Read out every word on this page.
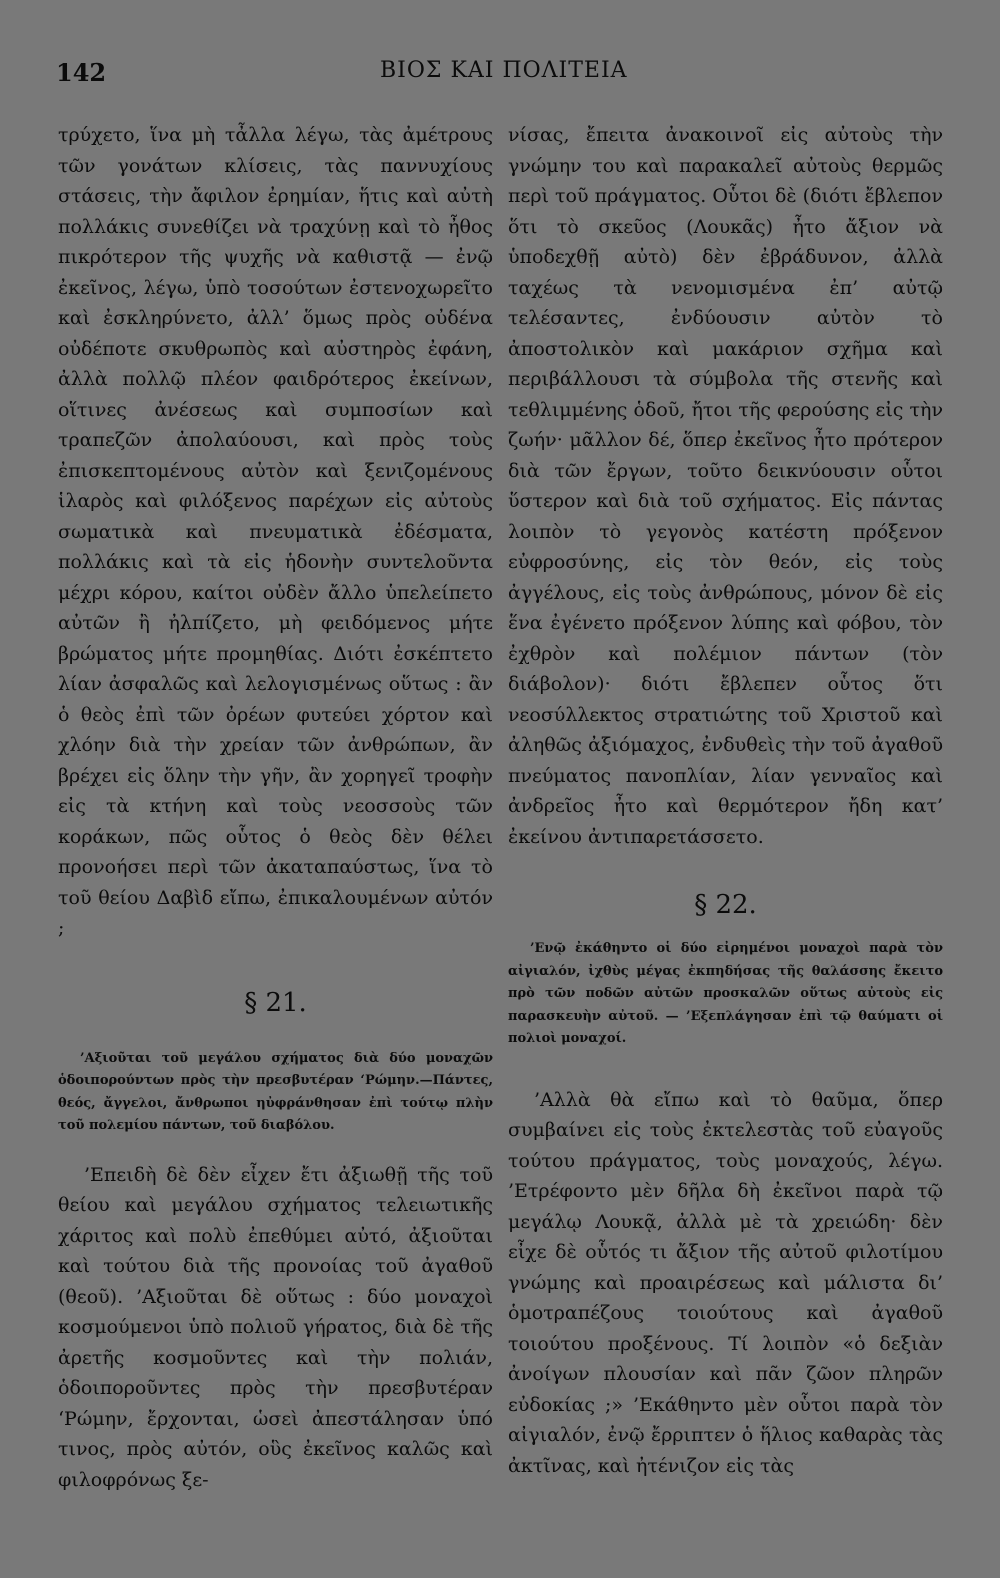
142	ΒΙΟΣ ΚΑΙ ΠΟΛΙΤΕΙΑ

τρύχετο, ἵνα μὴ τἆλλα λέγω, τὰς ἀμέτρους τῶν γονάτων κλίσεις, τὰς παννυχίους στάσεις, τὴν ἄφιλον ἐρημίαν, ἥτις καὶ αὐτὴ πολλάκις συνεθίζει νὰ τραχύνῃ καὶ τὸ ἦθος πικρότερον τῆς ψυχῆς νὰ καθιστᾷ — ἐνῷ ἐκεῖνος, λέγω, ὑπὸ τοσούτων ἐστενοχωρεῖτο καὶ ἐσκληρύνετο, ἀλλ’ ὅμως πρὸς οὐδένα οὐδέποτε σκυθρωπὸς καὶ αὐστηρὸς ἐφάνη, ἀλλὰ πολλῷ πλέον φαιδρότερος ἐκείνων, οἵτινες ἀνέσεως καὶ συμποσίων καὶ τραπεζῶν ἀπολαύουσι, καὶ πρὸς τοὺς ἐπισκεπτομένους αὐτὸν καὶ ξενιζομένους ἱλαρὸς καὶ φιλόξενος παρέχων εἰς αὐτοὺς σωματικὰ καὶ πνευματικὰ ἐδέσματα, πολλάκις καὶ τὰ εἰς ἡδονὴν συντελοῦντα μέχρι κόρου, καίτοι οὐδὲν ἄλλο ὑπελείπετο αὐτῶν ἢ ἠλπίζετο, μὴ φειδόμενος μήτε βρώματος μήτε προμηθίας. Διότι ἐσκέπτετο λίαν ἀσφαλῶς καὶ λελογισμένως οὕτως : ἂν ὁ θεὸς ἐπὶ τῶν ὀρέων φυτεύει χόρτον καὶ χλόην διὰ τὴν χρείαν τῶν ἀνθρώπων, ἂν βρέχει εἰς ὅλην τὴν γῆν, ἂν χορηγεῖ τροφὴν εἰς τὰ κτήνη καὶ τοὺς νεοσσοὺς τῶν κοράκων, πῶς οὗτος ὁ θεὸς δὲν θέλει προνοήσει περὶ τῶν ἀκαταπαύστως, ἵνα τὸ τοῦ θείου Δαβὶδ εἴπω, ἐπικαλουμένων αὐτόν ;

§ 21.

’Αξιοῦται τοῦ μεγάλου σχήματος διὰ δύο μοναχῶν ὁδοιπορούντων πρὸς τὴν πρεσβυτέραν ‘Ρώμην.—Πάντες, θεός, ἄγγελοι, ἄνθρωποι ηὐφράνθησαν ἐπὶ τούτῳ πλὴν τοῦ πολεμίου πάντων, τοῦ διαβόλου.

’Επειδὴ δὲ δὲν εἶχεν ἔτι ἀξιωθῇ τῆς τοῦ θείου καὶ μεγάλου σχήματος τελειωτικῆς χάριτος καὶ πολὺ ἐπεθύμει αὐτό, ἀξιοῦται καὶ τούτου διὰ τῆς προνοίας τοῦ ἀγαθοῦ (θεοῦ). ’Αξιοῦται δὲ οὕτως : δύο μοναχοὶ κοσμούμενοι ὑπὸ πολιοῦ γήρατος, διὰ δὲ τῆς ἀρετῆς κοσμοῦντες καὶ τὴν πολιάν, ὁδοιποροῦντες πρὸς τὴν πρεσβυτέραν ‘Ρώμην, ἔρχονται, ὡσεὶ ἀπεστάλησαν ὑπό τινος, πρὸς αὐτόν, οὓς ἐκεῖνος καλῶς καὶ φιλοφρόνως ξε-

νίσας, ἔπειτα ἀνακοινοῖ εἰς αὐτοὺς τὴν γνώμην του καὶ παρακαλεῖ αὐτοὺς θερμῶς περὶ τοῦ πράγματος. Οὗτοι δὲ (διότι ἔβλεπον ὅτι τὸ σκεῦος (Λουκᾶς) ἦτο ἄξιον νὰ ὑποδεχθῇ αὐτὸ) δὲν ἐβράδυνον, ἀλλὰ ταχέως τὰ νενομισμένα ἐπ’ αὐτῷ τελέσαντες, ἐνδύουσιν αὐτὸν τὸ ἀποστολικὸν καὶ μακάριον σχῆμα καὶ περιβάλλουσι τὰ σύμβολα τῆς στενῆς καὶ τεθλιμμένης ὁδοῦ, ἤτοι τῆς φερούσης εἰς τὴν ζωήν· μᾶλλον δέ, ὅπερ ἐκεῖνος ἦτο πρότερον διὰ τῶν ἔργων, τοῦτο δεικνύουσιν οὗτοι ὕστερον καὶ διὰ τοῦ σχήματος. Εἰς πάντας λοιπὸν τὸ γεγονὸς κατέστη πρόξενον εὐφροσύνης, εἰς τὸν θεόν, εἰς τοὺς ἀγγέλους, εἰς τοὺς ἀνθρώπους, μόνον δὲ εἰς ἕνα ἐγένετο πρόξενον λύπης καὶ φόβου, τὸν ἐχθρὸν καὶ πολέμιον πάντων (τὸν διάβολον)· διότι ἔβλεπεν οὗτος ὅτι νεοσύλλεκτος στρατιώτης τοῦ Χριστοῦ καὶ ἀληθῶς ἀξιόμαχος, ἐνδυθεὶς τὴν τοῦ ἀγαθοῦ πνεύματος πανοπλίαν, λίαν γενναῖος καὶ ἀνδρεῖος ἦτο καὶ θερμότερον ἤδη κατ’ ἐκείνου ἀντιπαρετάσσετο.

§ 22.

’Ενῷ ἐκάθηντο οἱ δύο εἰρημένοι μοναχοὶ παρὰ τὸν αἰγιαλόν, ἰχθὺς μέγας ἐκπηδήσας τῆς θαλάσσης ἔκειτο πρὸ τῶν ποδῶν αὐτῶν προσκαλῶν οὕτως αὐτοὺς εἰς παρασκευὴν αὐτοῦ. — ’Εξεπλάγησαν ἐπὶ τῷ θαύματι οἱ πολιοὶ μοναχοί.

’Αλλὰ θὰ εἴπω καὶ τὸ θαῦμα, ὅπερ συμβαίνει εἰς τοὺς ἐκτελεστὰς τοῦ εὐαγοῦς τούτου πράγματος, τοὺς μοναχούς, λέγω. ’Ετρέφοντο μὲν δῆλα δὴ ἐκεῖνοι παρὰ τῷ μεγάλῳ Λουκᾷ, ἀλλὰ μὲ τὰ χρειώδη· δὲν εἶχε δὲ οὗτός τι ἄξιον τῆς αὐτοῦ φιλοτίμου γνώμης καὶ προαιρέσεως καὶ μάλιστα δι’ ὁμοτραπέζους τοιούτους καὶ ἀγαθοῦ τοιούτου προξένους. Τί λοιπὸν «ὁ δεξιὰν ἀνοίγων πλουσίαν καὶ πᾶν ζῶον πληρῶν εὐδοκίας ;» ’Εκάθηντο μὲν οὗτοι παρὰ τὸν αἰγιαλόν, ἐνῷ ἔρριπτεν ὁ ἥλιος καθαρὰς τὰς ἀκτῖνας, καὶ ἠτένιζον εἰς τὰς
